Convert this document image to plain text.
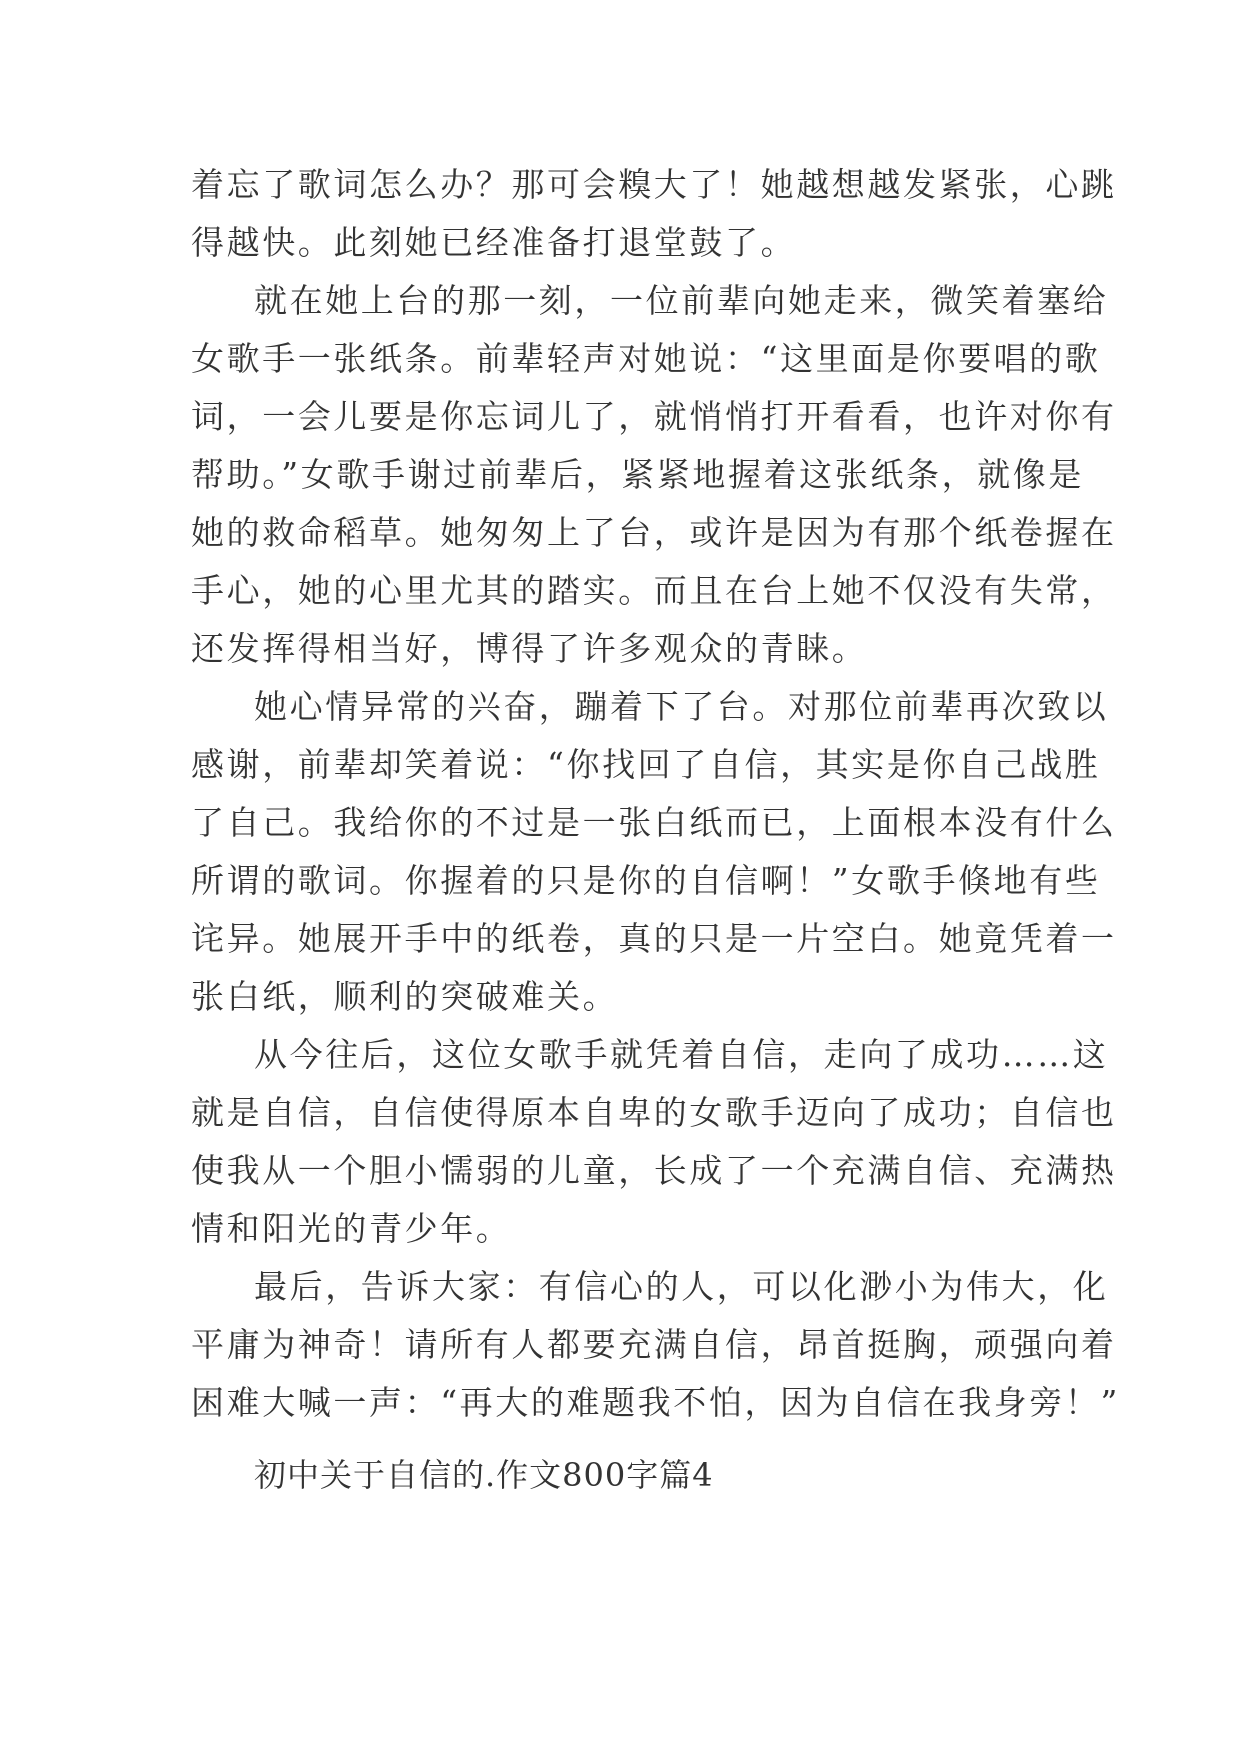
着忘了歌词怎么办？那可会糗大了！她越想越发紧张，心跳
得越快。此刻她已经准备打退堂鼓了。
就在她上台的那一刻，一位前辈向她走来，微笑着塞给
女歌手一张纸条。前辈轻声对她说：“这里面是你要唱的歌
词，一会儿要是你忘词儿了，就悄悄打开看看，也许对你有
帮助。”女歌手谢过前辈后，紧紧地握着这张纸条，就像是
她的救命稻草。她匆匆上了台，或许是因为有那个纸卷握在
手心，她的心里尤其的踏实。而且在台上她不仅没有失常，
还发挥得相当好，博得了许多观众的青睐。
她心情异常的兴奋，蹦着下了台。对那位前辈再次致以
感谢，前辈却笑着说：“你找回了自信，其实是你自己战胜
了自己。我给你的不过是一张白纸而已，上面根本没有什么
所谓的歌词。你握着的只是你的自信啊！”女歌手倏地有些
诧异。她展开手中的纸卷，真的只是一片空白。她竟凭着一
张白纸，顺利的突破难关。
从今往后，这位女歌手就凭着自信，走向了成功……这
就是自信，自信使得原本自卑的女歌手迈向了成功；自信也
使我从一个胆小懦弱的儿童，长成了一个充满自信、充满热
情和阳光的青少年。
最后，告诉大家：有信心的人，可以化渺小为伟大，化
平庸为神奇！请所有人都要充满自信，昂首挺胸，顽强向着
困难大喊一声：“再大的难题我不怕，因为自信在我身旁！”
初中关于自信的.作文800字篇4
